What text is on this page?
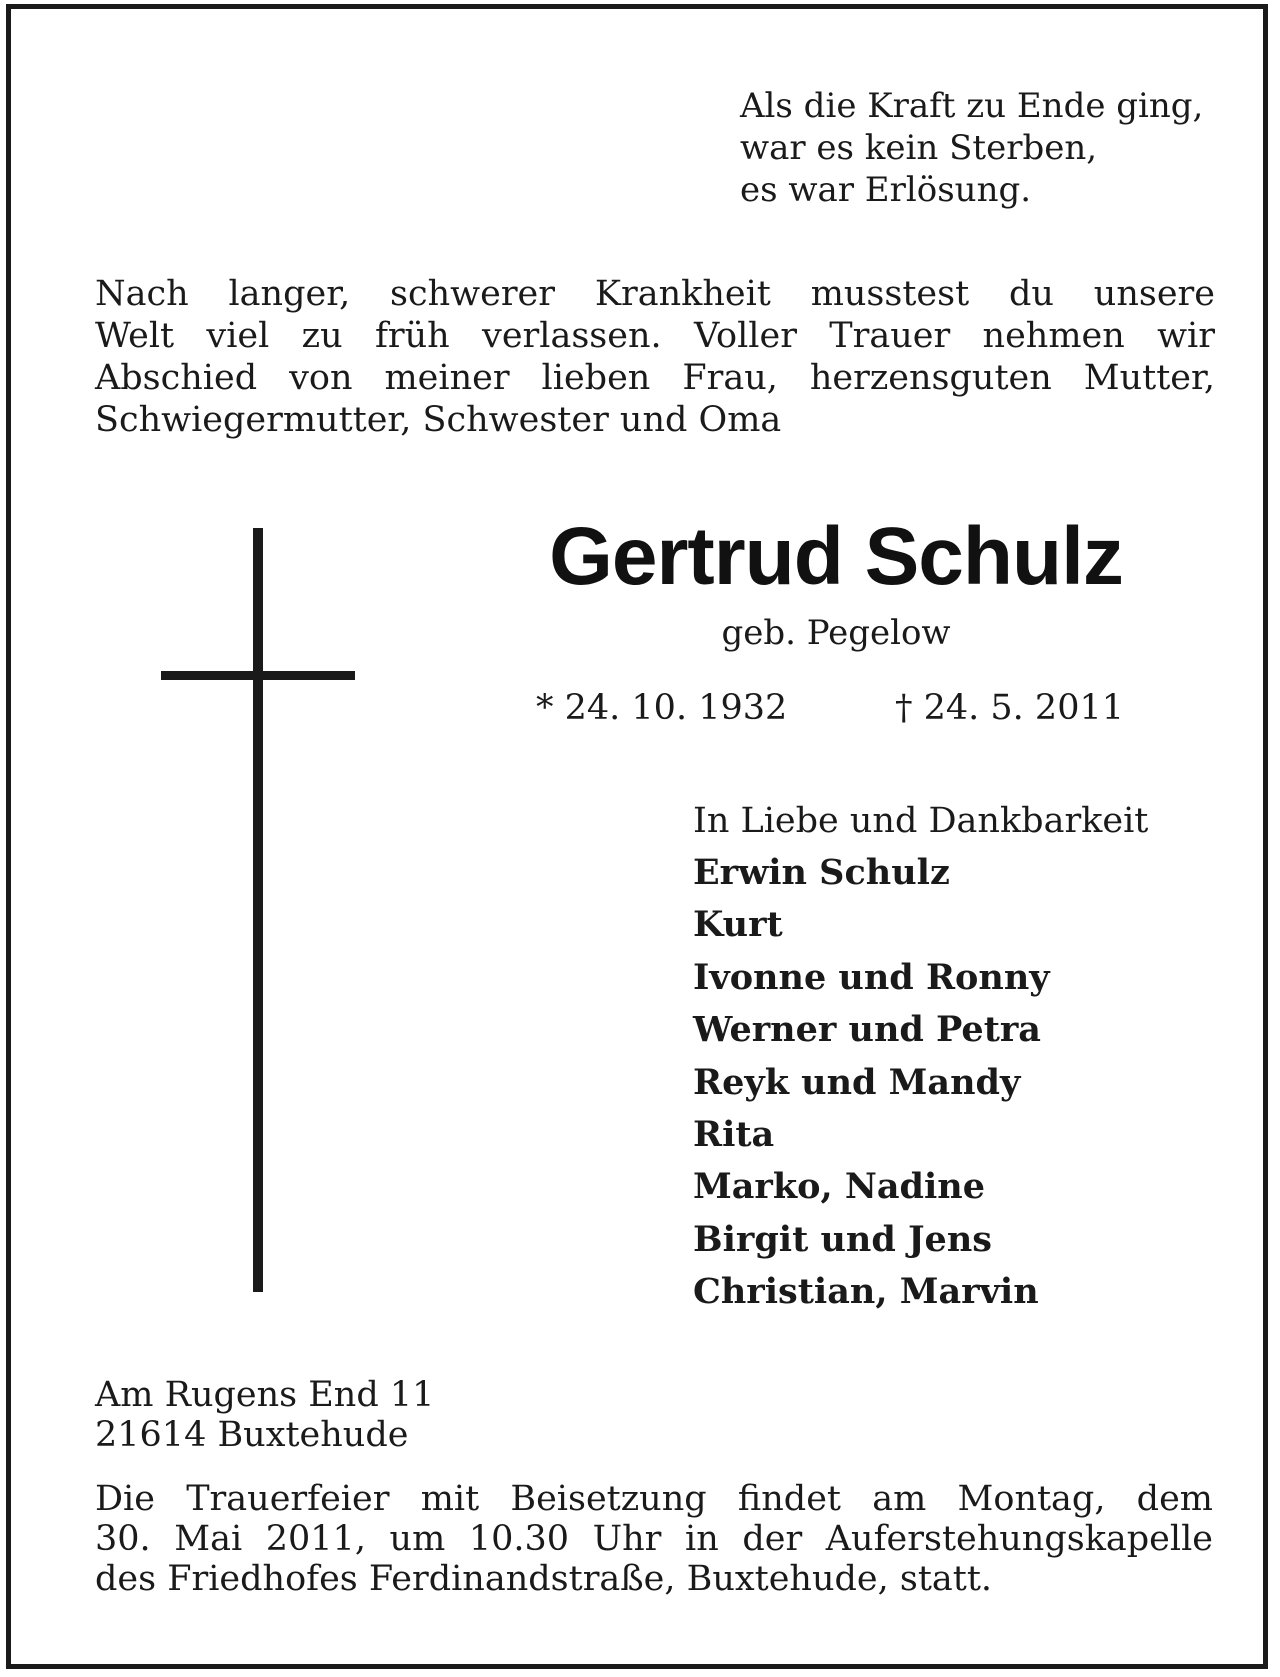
Als die Kraft zu Ende ging,
war es kein Sterben,
es war Erlösung.
Nach langer, schwerer Krankheit musstest du unsere
Welt viel zu früh verlassen. Voller Trauer nehmen wir
Abschied von meiner lieben Frau, herzensguten Mutter,
Schwiegermutter, Schwester und Oma
Gertrud Schulz
geb. Pegelow
* 24. 10. 1932	† 24. 5. 2011
In Liebe und Dankbarkeit
Erwin Schulz
Kurt
Ivonne und Ronny
Werner und Petra
Reyk und Mandy
Rita
Marko, Nadine
Birgit und Jens
Christian, Marvin
Am Rugens End 11
21614 Buxtehude
Die Trauerfeier mit Beisetzung findet am Montag, dem
30. Mai 2011, um 10.30 Uhr in der Auferstehungskapelle
des Friedhofes Ferdinandstraße, Buxtehude, statt.
